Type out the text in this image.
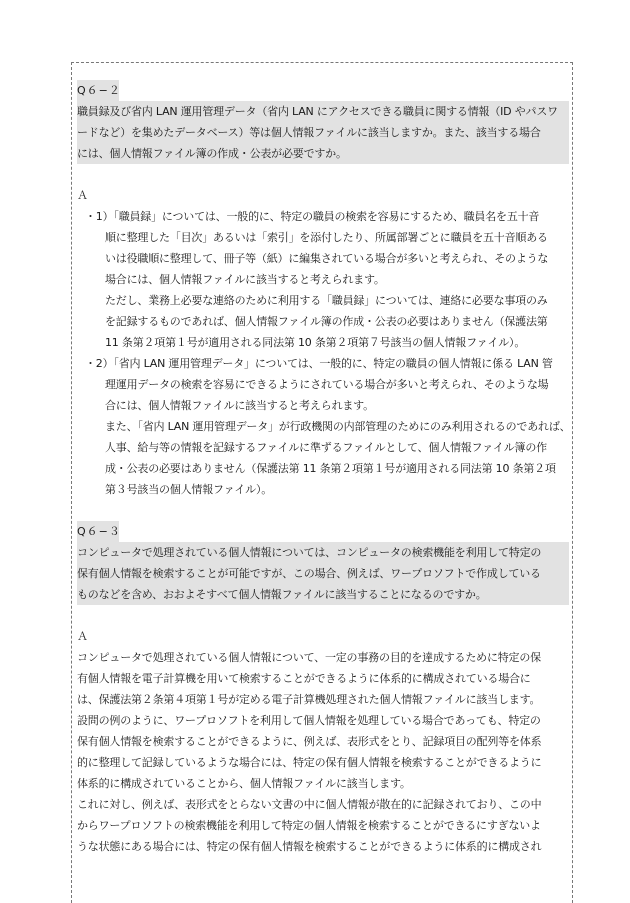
Q６−２
職員録及び省内 LAN 運用管理データ（省内 LAN にアクセスできる職員に関する情報（ID やパスワ
ードなど）を集めたデータベース）等は個人情報ファイルに該当しますか。また、該当する場合
には、個人情報ファイル簿の作成・公表が必要ですか。
Ａ
・1）「職員録」については、一般的に、特定の職員の検索を容易にするため、職員名を五十音
順に整理した「目次」あるいは「索引」を添付したり、所属部署ごとに職員を五十音順ある
いは役職順に整理して、冊子等（紙）に編集されている場合が多いと考えられ、そのような
場合には、個人情報ファイルに該当すると考えられます。
ただし、業務上必要な連絡のために利用する「職員録」については、連絡に必要な事項のみ
を記録するものであれば、個人情報ファイル簿の作成・公表の必要はありません（保護法第
11 条第２項第１号が適用される同法第 10 条第２項第７号該当の個人情報ファイル）。
・2）「省内 LAN 運用管理データ」については、一般的に、特定の職員の個人情報に係る LAN 管
理運用データの検索を容易にできるようにされている場合が多いと考えられ、そのような場
合には、個人情報ファイルに該当すると考えられます。
また、「省内 LAN 運用管理データ」が行政機関の内部管理のためにのみ利用されるのであれば、
人事、給与等の情報を記録するファイルに準ずるファイルとして、個人情報ファイル簿の作
成・公表の必要はありません（保護法第 11 条第２項第１号が適用される同法第 10 条第２項
第３号該当の個人情報ファイル）。
Q６−３
コンピュータで処理されている個人情報については、コンピュータの検索機能を利用して特定の
保有個人情報を検索することが可能ですが、この場合、例えば、ワープロソフトで作成している
ものなどを含め、おおよそすべて個人情報ファイルに該当することになるのですか。
Ａ
コンピュータで処理されている個人情報について、一定の事務の目的を達成するために特定の保
有個人情報を電子計算機を用いて検索することができるように体系的に構成されている場合に
は、保護法第２条第４項第１号が定める電子計算機処理された個人情報ファイルに該当します。
設問の例のように、ワープロソフトを利用して個人情報を処理している場合であっても、特定の
保有個人情報を検索することができるように、例えば、表形式をとり、記録項目の配列等を体系
的に整理して記録しているような場合には、特定の保有個人情報を検索することができるように
体系的に構成されていることから、個人情報ファイルに該当します。
これに対し、例えば、表形式をとらない文書の中に個人情報が散在的に記録されており、この中
からワープロソフトの検索機能を利用して特定の個人情報を検索することができるにすぎないよ
うな状態にある場合には、特定の保有個人情報を検索することができるように体系的に構成され
